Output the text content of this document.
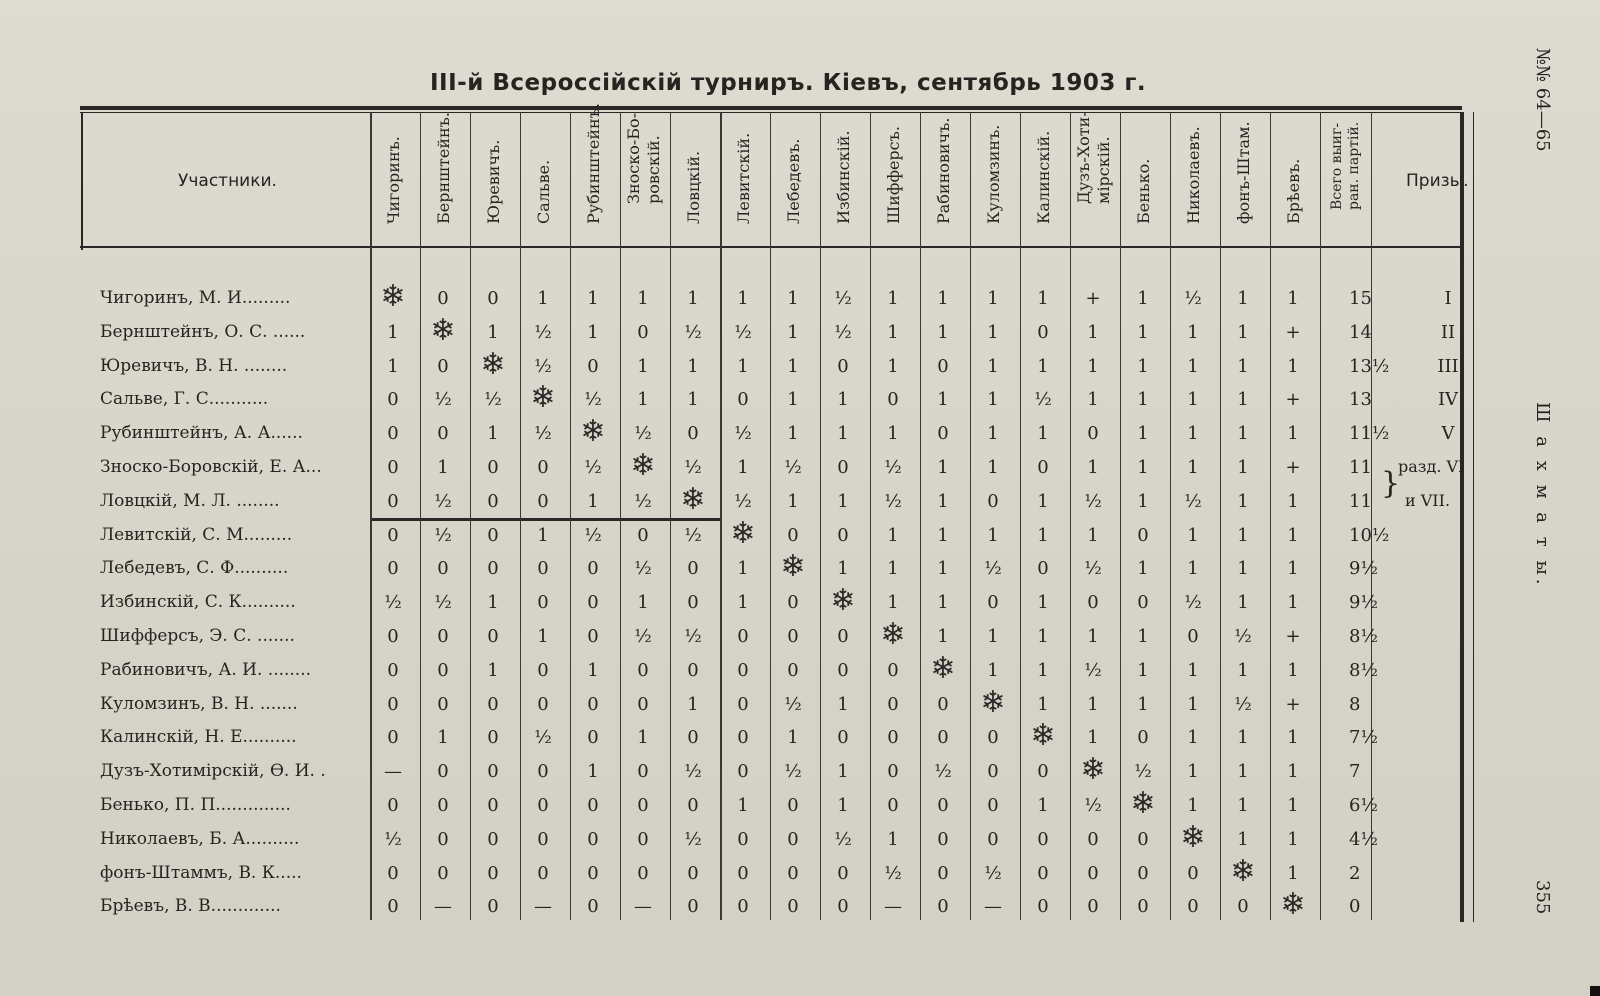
III-й Всероссійскій турниръ. Кіевъ, сентябрь 1903 г.
Участники.	Призы.
Чигоринъ. Бернштейнъ. Юревичъ. Сальве. Рубинштейнъ. Зноско-Бо-
ровскій. Ловцкій. Левитскій. Лебедевъ. Избинскій. Шифферсъ. Рабиновичъ. Куломзинъ. Калинскій. Дузъ-Хоти-
мірскій. Бенько. Николаевъ. фонъ-Штам. Брѣевъ. Всего выиг-
ран. партій.
Чигоринъ, М. И.........	❄	0	0	1	1	1	1	1	1	½	1	1	1	1	+	1	½	1	1	15	I
Бернштейнъ, О. С. ......	1	❄	1	½	1	0	½	½	1	½	1	1	1	0	1	1	1	1	+	14	II
Юревичъ, В. Н. ........	1	0	❄	½	0	1	1	1	1	0	1	0	1	1	1	1	1	1	1	13½	III
Сальве, Г. С...........	0	½	½ ❄	½	1	1	0	1	1	0	1	1	½	1	1	1	1	+	13	IV
Рубинштейнъ, А. А......	0	0	1	½ ❄	½	0	½	1	1	1	0	1	1	0	1	1	1	1	11½	V
Зноско-Боровскій, Е. А...	0	1	0	0	½ ❄	½	1	½	0	½	1	1	0	1	1	1	1	+	11
Ловцкій, М. Л. ........	0	½	0	0	1	½ ❄	½	1	1	½	1	0	1	½	1	½	1	1	11
Левитскій, С. М.........	0	½	0	1	½	0	½ ❄	0	0	1	1	1	1	1	0	1	1	1	10½
Лебедевъ, С. Ф..........	0	0	0	0	0	½	0	1	❄	1	1	1	½	0	½	1	1	1	1	9½
Избинскій, С. К..........	½	½	1	0	0	1	0	1	0	❄	1	1	0	1	0	0	½	1	1	9½
Шифферсъ, Э. С. .......	0	0	0	1	0	½	½	0	0	0	❄	1	1	1	1	1	0	½	+	8½
Рабиновичъ, А. И. ........	0	0	1	0	1	0	0	0	0	0	0	❄	1	1	½	1	1	1	1	8½
Куломзинъ, В. Н. .......	0	0	0	0	0	0	1	0	½	1	0	0	❄	1	1	1	1	½	+	8
Калинскій, Н. Е..........	0	1	0	½	0	1	0	0	1	0	0	0	0	❄	1	0	1	1	1	7½
Дузъ-Хотимірскій, Ѳ. И. .	—	0	0	0	1	0	½	0	½	1	0	½	0	0	❄	½	1	1	1	7
Бенько, П. П..............	0	0	0	0	0	0	0	1	0	1	0	0	0	1	½ ❄	1	1	1	6½
Николаевъ, Б. А..........	½	0	0	0	0	0	½	0	0	½	1	0	0	0	0	0	❄	1	1	4½
фонъ-Штаммъ, В. К.....	0	0	0	0	0	0	0	0	0	0	½	0	½	0	0	0	0	❄	1	2
Брѣевъ, В. В.............	0	—	0	—	0	—	0	0	0	0	—	0	—	0	0	0	0	0	❄	0
}
разд. VI
и VII.
№№ 64—65
Ш а х м а т ы.
355
